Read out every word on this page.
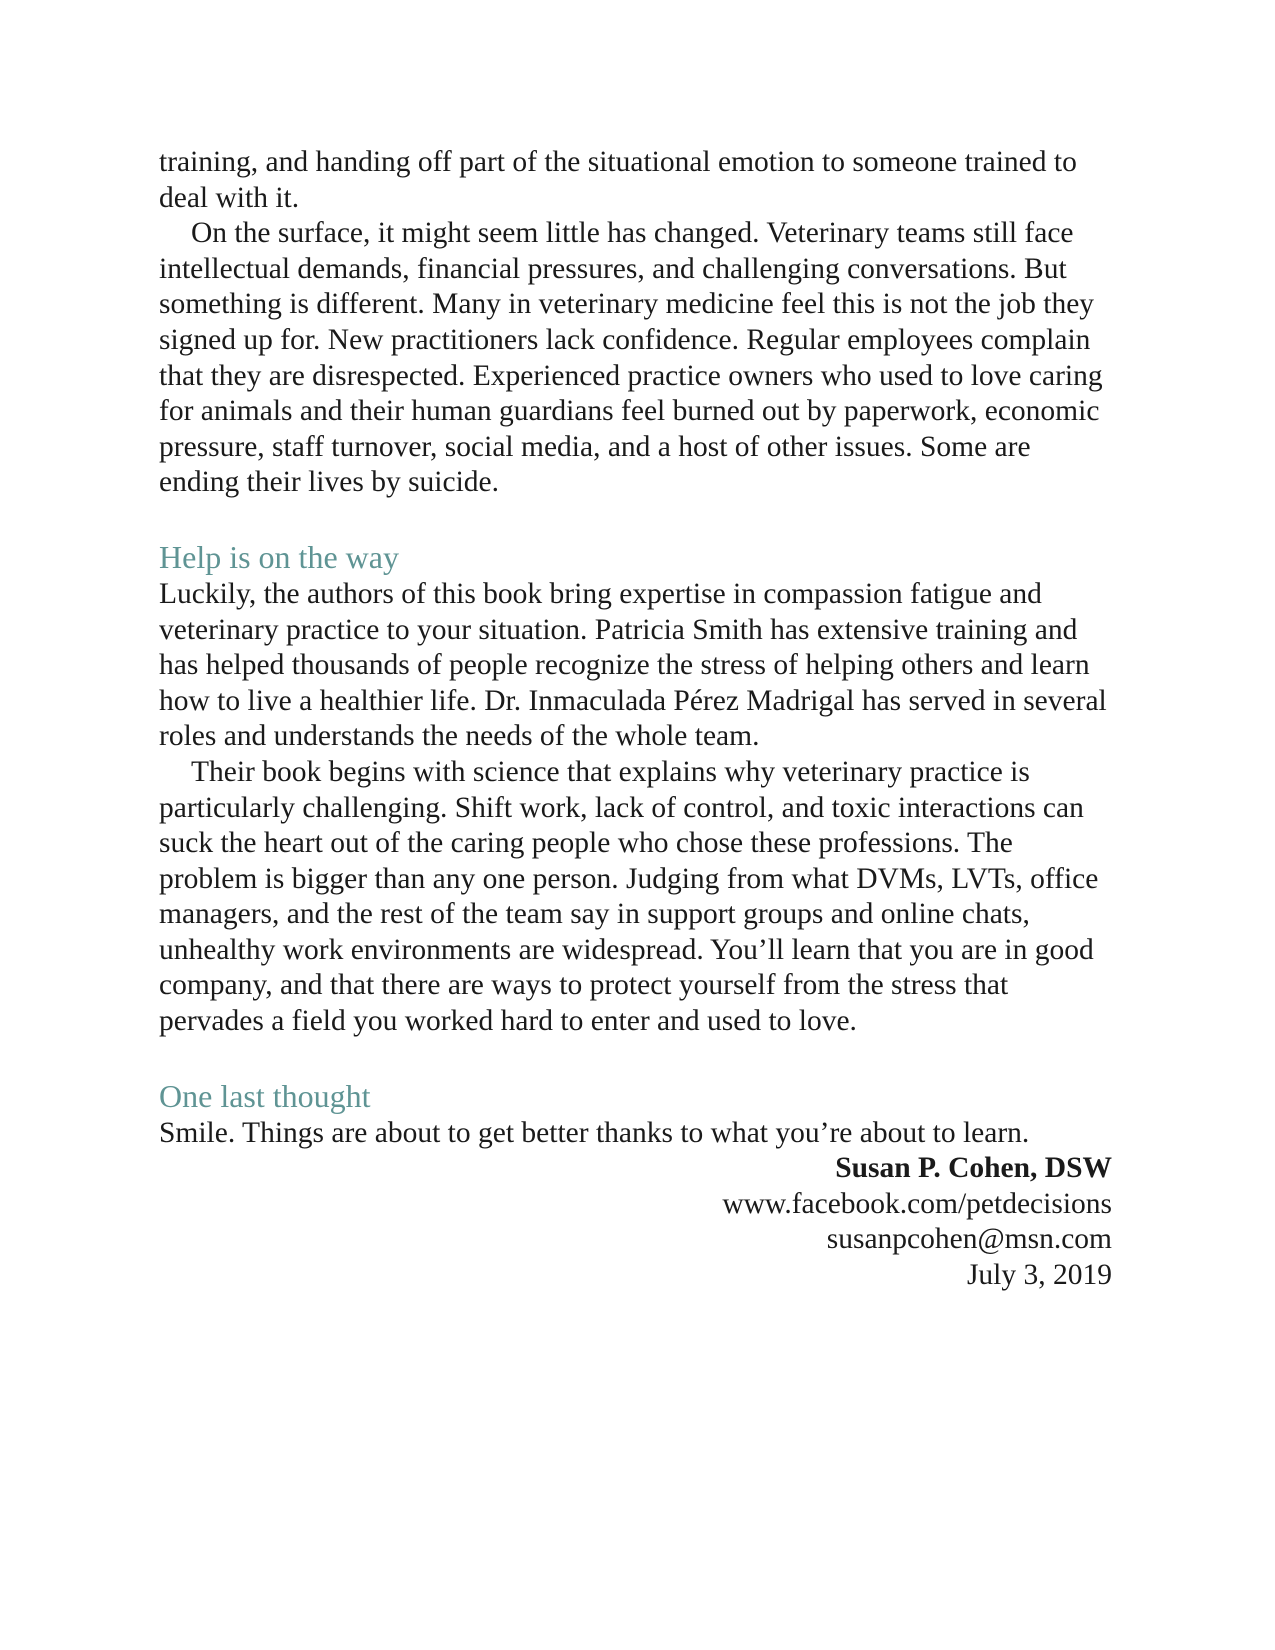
training, and handing off part of the situational emotion to someone trained to deal with it.

On the surface, it might seem little has changed. Veterinary teams still face intellectual demands, financial pressures, and challenging conversations. But something is different. Many in veterinary medicine feel this is not the job they signed up for. New practitioners lack confidence. Regular employees complain that they are disrespected. Experienced practice owners who used to love caring for animals and their human guardians feel burned out by paperwork, economic pressure, staff turnover, social media, and a host of other issues. Some are ending their lives by suicide.

Help is on the way

Luckily, the authors of this book bring expertise in compassion fatigue and veterinary practice to your situation. Patricia Smith has extensive training and has helped thousands of people recognize the stress of helping others and learn how to live a healthier life. Dr. Inmaculada Pérez Madrigal has served in several roles and understands the needs of the whole team.

Their book begins with science that explains why veterinary practice is particularly challenging. Shift work, lack of control, and toxic interactions can suck the heart out of the caring people who chose these professions. The problem is bigger than any one person. Judging from what DVMs, LVTs, office managers, and the rest of the team say in support groups and online chats, unhealthy work environments are widespread. You’ll learn that you are in good company, and that there are ways to protect yourself from the stress that pervades a field you worked hard to enter and used to love.

One last thought

Smile. Things are about to get better thanks to what you’re about to learn.

Susan P. Cohen, DSW
www.facebook.com/petdecisions
susanpcohen@msn.com
July 3, 2019
